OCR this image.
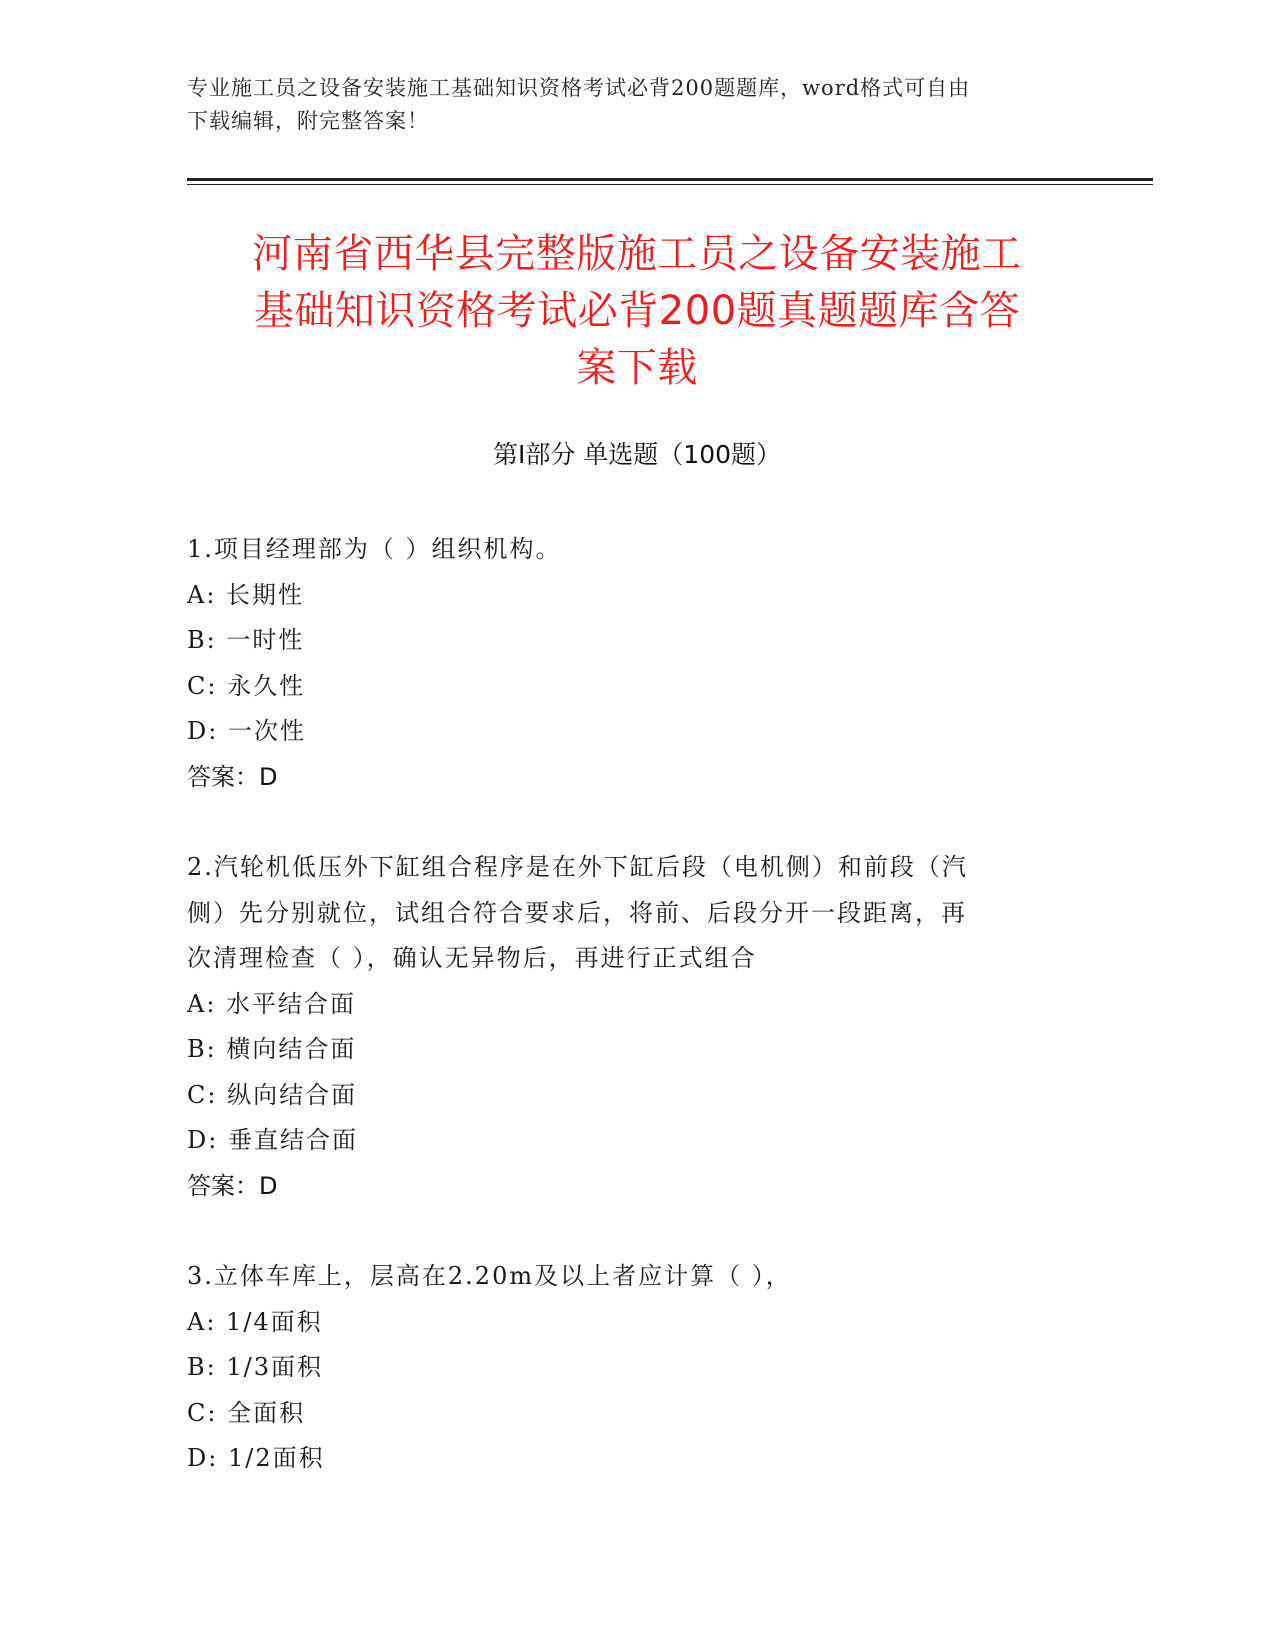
专业施工员之设备安装施工基础知识资格考试必背200题题库，word格式可自由
下载编辑，附完整答案！
河南省西华县完整版施工员之设备安装施工
基础知识资格考试必背200题真题题库含答
案下载
第I部分 单选题（100题）
1.项目经理部为（ ）组织机构。
A: 长期性
B: 一时性
C: 永久性
D: 一次性
答案：D
2.汽轮机低压外下缸组合程序是在外下缸后段（电机侧）和前段（汽
侧）先分别就位，试组合符合要求后，将前、后段分开一段距离，再
次清理检查（ ），确认无异物后，再进行正式组合
A: 水平结合面
B: 横向结合面
C: 纵向结合面
D: 垂直结合面
答案：D
3.立体车库上，层高在2.20m及以上者应计算（ ），
A: 1/4面积
B: 1/3面积
C: 全面积
D: 1/2面积
